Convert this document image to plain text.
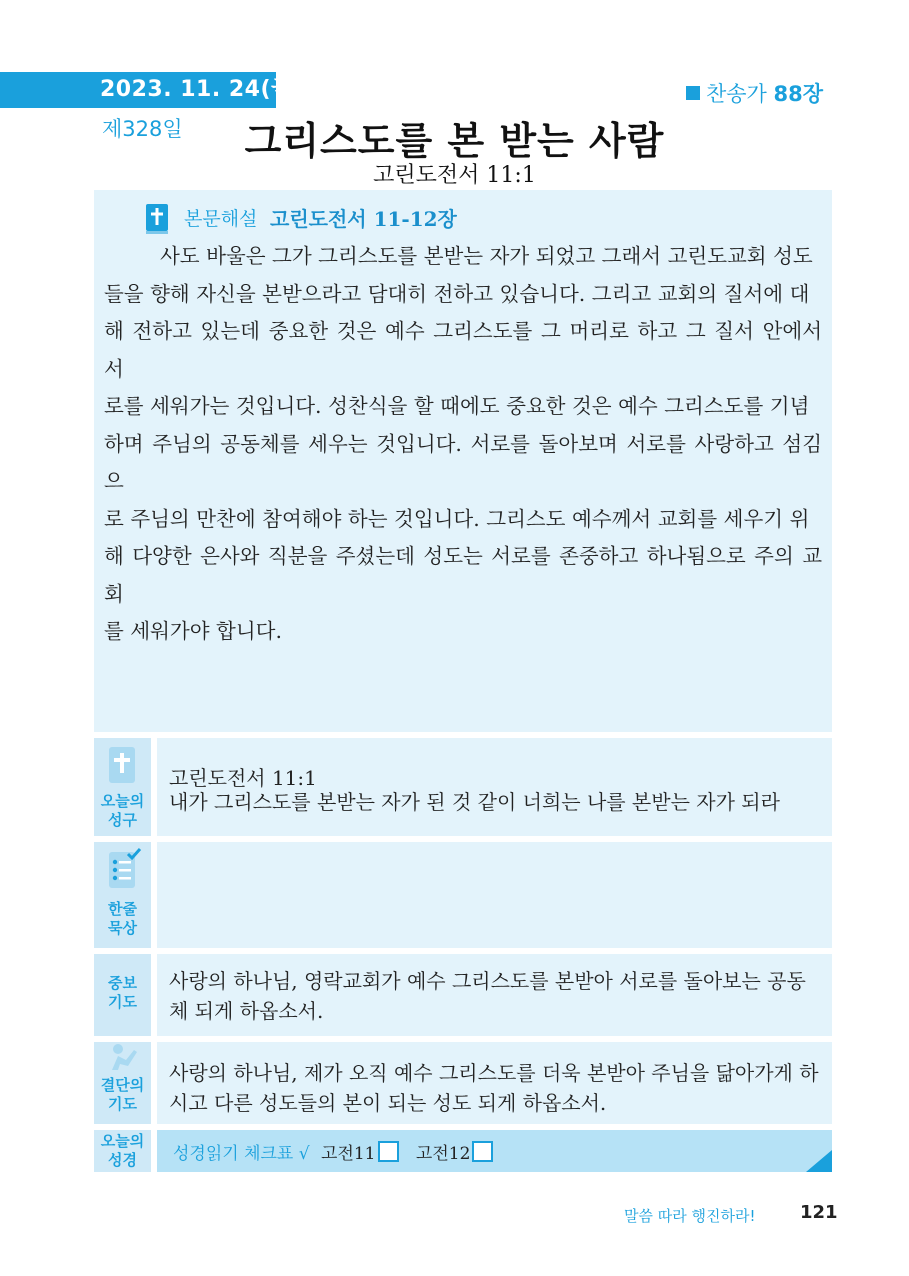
2023. 11. 24(금)
제328일
찬송가 88장
그리스도를 본 받는 사람
고린도전서 11:1
본문해설 고린도전서 11-12장
사도 바울은 그가 그리스도를 본받는 자가 되었고 그래서 고린도교회 성도
들을 향해 자신을 본받으라고 담대히 전하고 있습니다. 그리고 교회의 질서에 대
해 전하고 있는데 중요한 것은 예수 그리스도를 그 머리로 하고 그 질서 안에서 서
로를 세워가는 것입니다. 성찬식을 할 때에도 중요한 것은 예수 그리스도를 기념
하며 주님의 공동체를 세우는 것입니다. 서로를 돌아보며 서로를 사랑하고 섬김으
로 주님의 만찬에 참여해야 하는 것입니다. 그리스도 예수께서 교회를 세우기 위
해 다양한 은사와 직분을 주셨는데 성도는 서로를 존중하고 하나됨으로 주의 교회
를 세워가야 합니다.
오늘의
성구
고린도전서 11:1
내가 그리스도를 본받는 자가 된 것 같이 너희는 나를 본받는 자가 되라
한줄
묵상
중보
기도
사랑의 하나님, 영락교회가 예수 그리스도를 본받아 서로를 돌아보는 공동
체 되게 하옵소서.
결단의
기도
사랑의 하나님, 제가 오직 예수 그리스도를 더욱 본받아 주님을 닮아가게 하
시고 다른 성도들의 본이 되는 성도 되게 하옵소서.
오늘의
성경	성경읽기 체크표 √ 고전11 고전12
말씀 따라 행진하라! 121
